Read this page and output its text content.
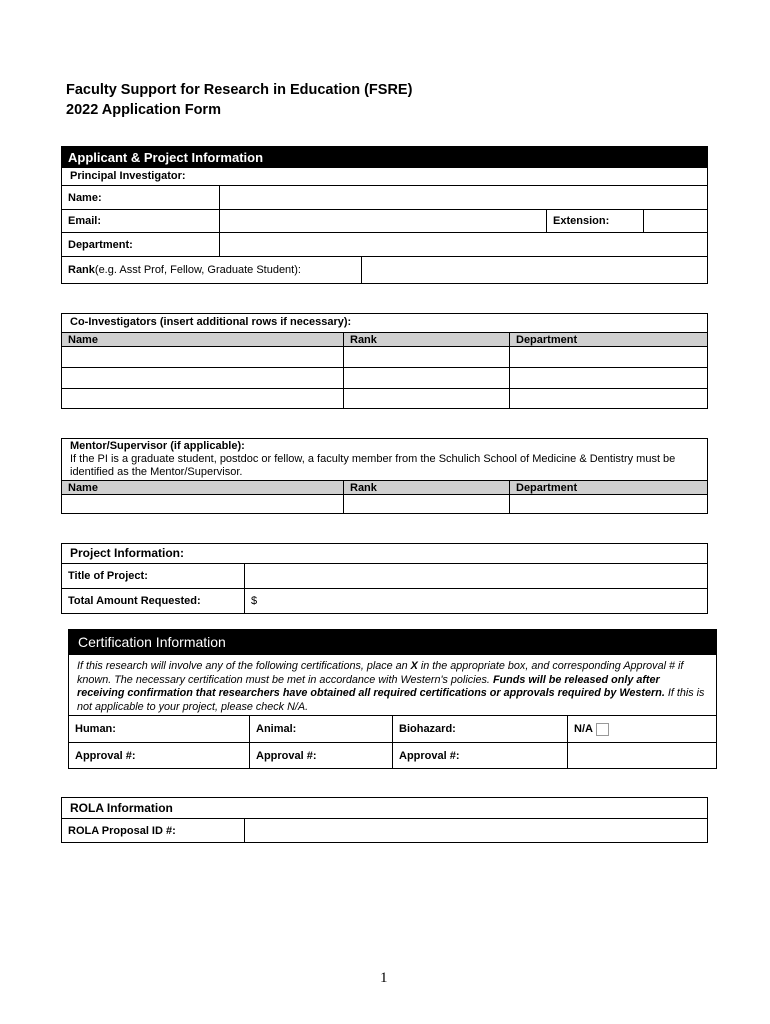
Faculty Support for Research in Education (FSRE)
2022 Application Form
Applicant & Project Information
Principal Investigator:
Name:
Email:	Extension:
Department:
Rank (e.g. Asst Prof, Fellow, Graduate Student):
Co-Investigators (insert additional rows if necessary):
Name	Rank	Department
Mentor/Supervisor (if applicable):
If the PI is a graduate student, postdoc or fellow, a faculty member from the Schulich School of Medicine & Dentistry must be identified as the Mentor/Supervisor.
Name	Rank	Department
Project Information:
Title of Project:
Total Amount Requested:	$
Certification Information
If this research will involve any of the following certifications, place an X in the appropriate box, and corresponding Approval # if known. The necessary certification must be met in accordance with Western's policies. Funds will be released only after receiving confirmation that researchers have obtained all required certifications or approvals required by Western. If this is not applicable to your project, please check N/A.
Human:	Animal:	Biohazard:	N/A
Approval #:	Approval #:	Approval #:
ROLA Information
ROLA Proposal ID #:
1
